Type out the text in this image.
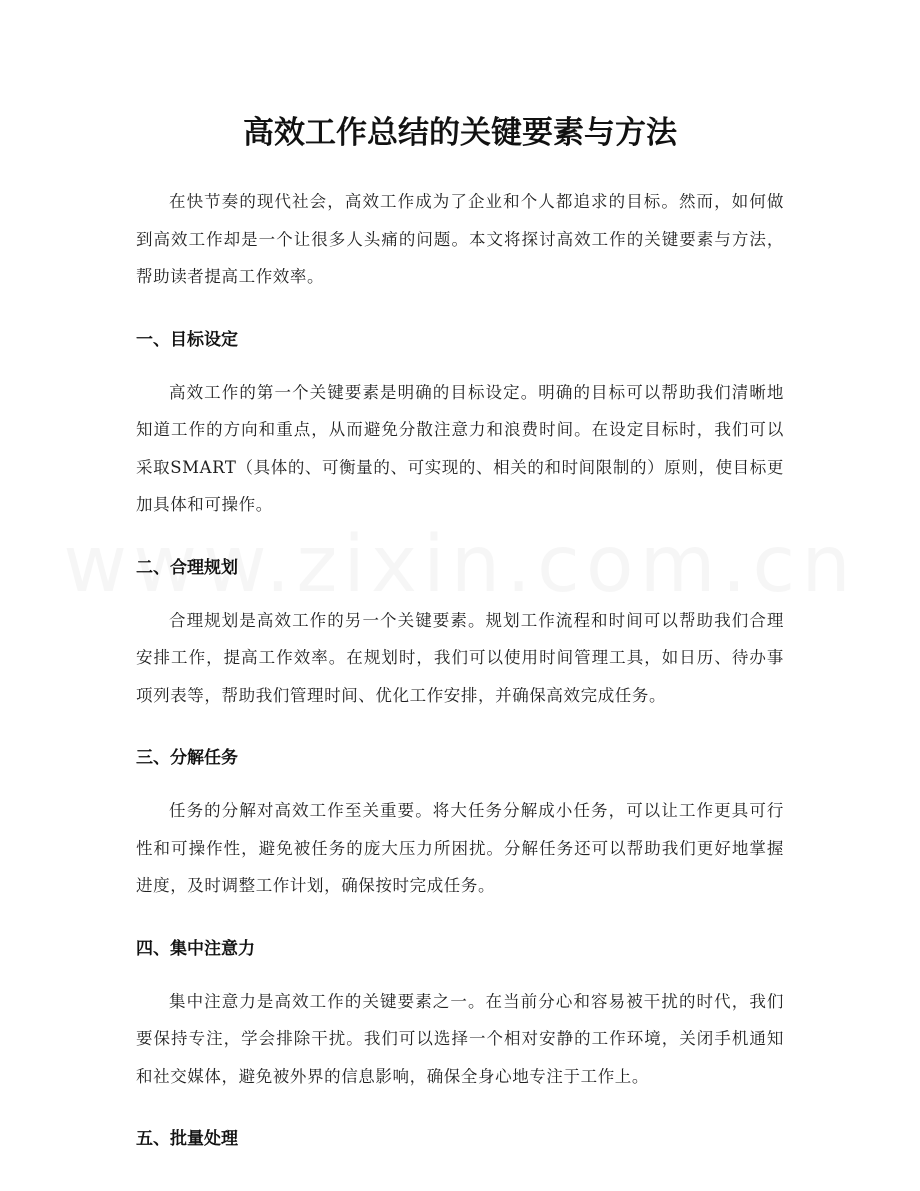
高效工作总结的关键要素与方法

在快节奏的现代社会，高效工作成为了企业和个人都追求的目标。然而，如何做到高效工作却是一个让很多人头痛的问题。本文将探讨高效工作的关键要素与方法，帮助读者提高工作效率。

一、目标设定

高效工作的第一个关键要素是明确的目标设定。明确的目标可以帮助我们清晰地知道工作的方向和重点，从而避免分散注意力和浪费时间。在设定目标时，我们可以采取SMART（具体的、可衡量的、可实现的、相关的和时间限制的）原则，使目标更加具体和可操作。

二、合理规划

合理规划是高效工作的另一个关键要素。规划工作流程和时间可以帮助我们合理安排工作，提高工作效率。在规划时，我们可以使用时间管理工具，如日历、待办事项列表等，帮助我们管理时间、优化工作安排，并确保高效完成任务。

三、分解任务

任务的分解对高效工作至关重要。将大任务分解成小任务，可以让工作更具可行性和可操作性，避免被任务的庞大压力所困扰。分解任务还可以帮助我们更好地掌握进度，及时调整工作计划，确保按时完成任务。

四、集中注意力

集中注意力是高效工作的关键要素之一。在当前分心和容易被干扰的时代，我们要保持专注，学会排除干扰。我们可以选择一个相对安静的工作环境，关闭手机通知和社交媒体，避免被外界的信息影响，确保全身心地专注于工作上。

五、批量处理
